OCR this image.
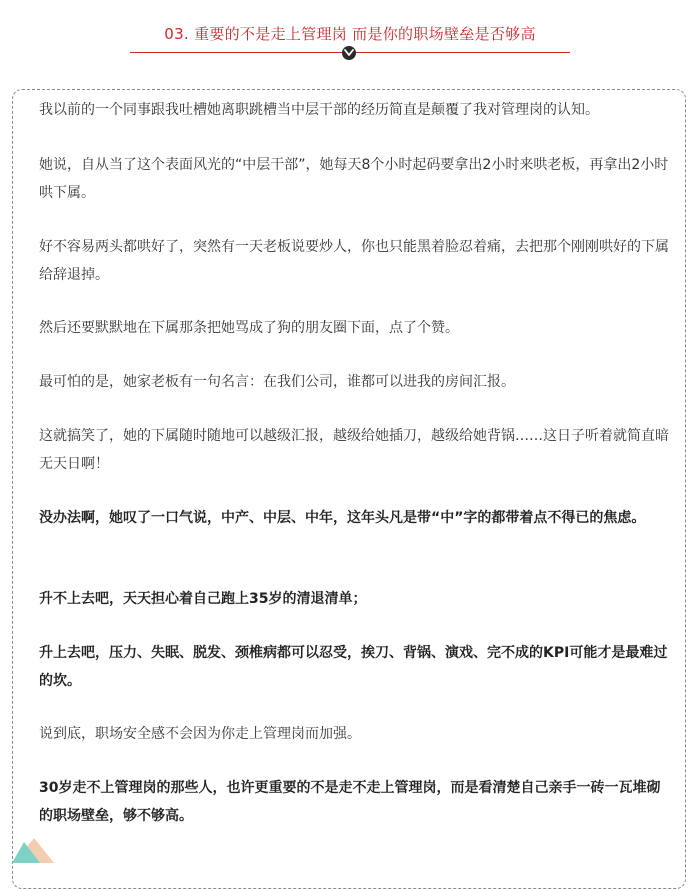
03. 重要的不是走上管理岗 而是你的职场壁垒是否够高

我以前的一个同事跟我吐槽她离职跳槽当中层干部的经历简直是颠覆了我对管理岗的认知。

她说，自从当了这个表面风光的“中层干部”，她每天8个小时起码要拿出2小时来哄老板，再拿出2小时哄下属。

好不容易两头都哄好了，突然有一天老板说要炒人，你也只能黑着脸忍着痛，去把那个刚刚哄好的下属给辞退掉。

然后还要默默地在下属那条把她骂成了狗的朋友圈下面，点了个赞。

最可怕的是，她家老板有一句名言：在我们公司，谁都可以进我的房间汇报。

这就搞笑了，她的下属随时随地可以越级汇报，越级给她插刀，越级给她背锅……这日子听着就简直暗无天日啊！

没办法啊，她叹了一口气说，中产、中层、中年，这年头凡是带“中”字的都带着点不得已的焦虑。

升不上去吧，天天担心着自己跑上35岁的清退清单；

升上去吧，压力、失眠、脱发、颈椎病都可以忍受，挨刀、背锅、演戏、完不成的KPI可能才是最难过的坎。

说到底，职场安全感不会因为你走上管理岗而加强。

30岁走不上管理岗的那些人，也许更重要的不是走不走上管理岗，而是看清楚自己亲手一砖一瓦堆砌的职场壁垒，够不够高。
